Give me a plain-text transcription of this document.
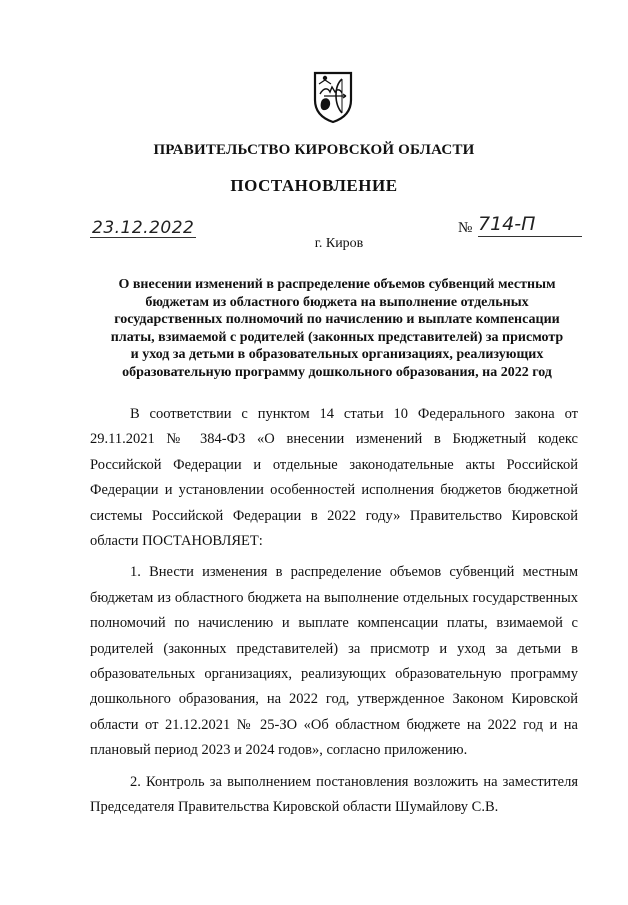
ПРАВИТЕЛЬСТВО КИРОВСКОЙ ОБЛАСТИ
ПОСТАНОВЛЕНИЕ
23.12.2022	№ 714-П
г. Киров
О внесении изменений в распределение объемов субвенций местным
бюджетам из областного бюджета на выполнение отдельных
государственных полномочий по начислению и выплате компенсации
платы, взимаемой с родителей (законных представителей) за присмотр
и уход за детьми в образовательных организациях, реализующих
образовательную программу дошкольного образования, на 2022 год

В соответствии с пунктом 14 статьи 10 Федерального закона от 29.11.2021 № 384-ФЗ «О внесении изменений в Бюджетный кодекс Российской Федерации и отдельные законодательные акты Российской Федерации и установлении особенностей исполнения бюджетов бюджетной системы Российской Федерации в 2022 году» Правительство Кировской области ПОСТАНОВЛЯЕТ:

1. Внести изменения в распределение объемов субвенций местным бюджетам из областного бюджета на выполнение отдельных государственных полномочий по начислению и выплате компенсации платы, взимаемой с родителей (законных представителей) за присмотр и уход за детьми в образовательных организациях, реализующих образовательную программу дошкольного образования, на 2022 год, утвержденное Законом Кировской области от 21.12.2021 № 25-ЗО «Об областном бюджете на 2022 год и на плановый период 2023 и 2024 годов», согласно приложению.

2. Контроль за выполнением постановления возложить на заместителя Председателя Правительства Кировской области Шумайлову С.В.
